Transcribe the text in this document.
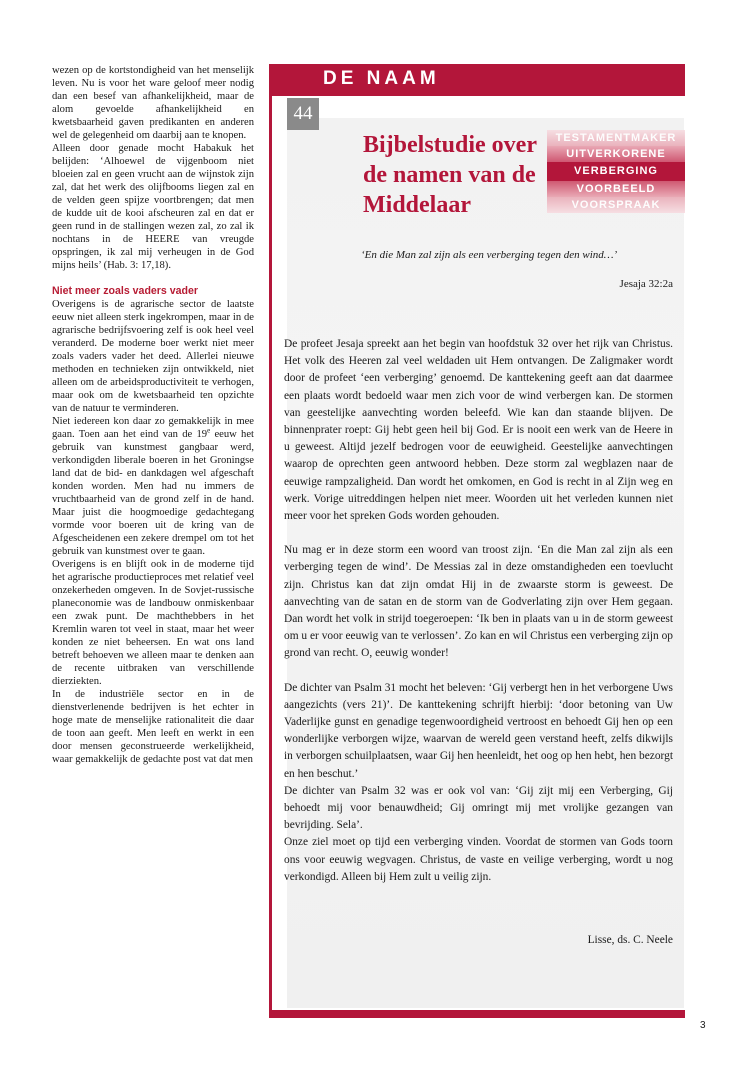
wezen op de kortstondigheid van het menselijk leven. Nu is voor het ware geloof meer nodig dan een besef van afhankelijkheid, maar de alom gevoelde afhankelijkheid en kwetsbaarheid gaven predikanten en anderen wel de gelegenheid om daarbij aan te knopen.

Alleen door genade mocht Habakuk het belijden: ‘Alhoewel de vijgenboom niet bloeien zal en geen vrucht aan de wijnstok zijn zal, dat het werk des olijfbooms liegen zal en de velden geen spijze voortbrengen; dat men de kudde uit de kooi afscheuren zal en dat er geen rund in de stallingen wezen zal, zo zal ik nochtans in de HEERE van vreugde opspringen, ik zal mij verheugen in de God mijns heils’ (Hab. 3: 17,18).

Niet meer zoals vaders vader

Overigens is de agrarische sector de laatste eeuw niet alleen sterk ingekrompen, maar in de agrarische bedrijfsvoering zelf is ook heel veel veranderd. De moderne boer werkt niet meer zoals vaders vader het deed. Allerlei nieuwe methoden en technieken zijn ontwikkeld, niet alleen om de arbeidsproductiviteit te verhogen, maar ook om de kwetsbaarheid ten opzichte van de natuur te verminderen.

Niet iedereen kon daar zo gemakkelijk in mee gaan. Toen aan het eind van de 19e eeuw het gebruik van kunstmest gangbaar werd, verkondigden liberale boeren in het Groningse land dat de bid- en dankdagen wel afgeschaft konden worden. Men had nu immers de vruchtbaarheid van de grond zelf in de hand. Maar juist die hoogmoedige gedachtegang vormde voor boeren uit de kring van de Afgescheidenen een zekere drempel om tot het gebruik van kunstmest over te gaan.

Overigens is en blijft ook in de moderne tijd het agrarische productieproces met relatief veel onzekerheden omgeven. In de Sovjet-russische planeconomie was de landbouw onmiskenbaar een zwak punt. De machthebbers in het Kremlin waren tot veel in staat, maar het weer konden ze niet beheersen. En wat ons land betreft behoeven we alleen maar te denken aan de recente uitbraken van verschillende dierziekten.

In de industriële sector en in de dienstverlenende bedrijven is het echter in hoge mate de menselijke rationaliteit die daar de toon aan geeft. Men leeft en werkt in een door mensen geconstrueerde werkelijkheid, waar gemakkelijk de gedachte post vat dat men

DE NAAM
44
Bijbelstudie over de namen van de Middelaar
TESTAMENTMAKER
UITVERKORENE
VERBERGING
VOORBEELD
VOORSPRAAK
‘En die Man zal zijn als een verberging tegen den wind…’
Jesaja 32:2a

De profeet Jesaja spreekt aan het begin van hoofdstuk 32 over het rijk van Christus. Het volk des Heeren zal veel weldaden uit Hem ontvangen. De Zaligmaker wordt door de profeet ‘een verberging’ genoemd. De kanttekening geeft aan dat daarmee een plaats wordt bedoeld waar men zich voor de wind verbergen kan. De stormen van geestelijke aanvechting worden beleefd. Wie kan dan staande blijven. De binnenprater roept: Gij hebt geen heil bij God. Er is nooit een werk van de Heere in u geweest. Altijd jezelf bedrogen voor de eeuwigheid. Geestelijke aanvechtingen waarop de oprechten geen antwoord hebben. Deze storm zal wegblazen naar de eeuwige rampzaligheid. Dan wordt het omkomen, en God is recht in al Zijn weg en werk. Vorige uitreddingen helpen niet meer. Woorden uit het verleden kunnen niet meer voor het spreken Gods worden gehouden.

Nu mag er in deze storm een woord van troost zijn. ‘En die Man zal zijn als een verberging tegen de wind’. De Messias zal in deze omstandigheden een toevlucht zijn. Christus kan dat zijn omdat Hij in de zwaarste storm is geweest. De aanvechting van de satan en de storm van de Godverlating zijn over Hem gegaan. Dan wordt het volk in strijd toegeroepen: ‘Ik ben in plaats van u in de storm geweest om u er voor eeuwig van te verlossen’. Zo kan en wil Christus een verberging zijn op grond van recht. O, eeuwig wonder!

De dichter van Psalm 31 mocht het beleven: ‘Gij verbergt hen in het verborgene Uws aangezichts (vers 21)’. De kanttekening schrijft hierbij: ‘door betoning van Uw Vaderlijke gunst en genadige tegenwoordigheid vertroost en behoedt Gij hen op een wonderlijke verborgen wijze, waarvan de wereld geen verstand heeft, zelfs dikwijls in verborgen schuilplaatsen, waar Gij hen heenleidt, het oog op hen hebt, hen bezorgt en hen beschut.’

De dichter van Psalm 32 was er ook vol van: ‘Gij zijt mij een Verberging, Gij behoedt mij voor benauwdheid; Gij omringt mij met vrolijke gezangen van bevrijding. Sela’.

Onze ziel moet op tijd een verberging vinden. Voordat de stormen van Gods toorn ons voor eeuwig wegvagen. Christus, de vaste en veilige verberging, wordt u nog verkondigd. Alleen bij Hem zult u veilig zijn.

Lisse, ds. C. Neele
3
